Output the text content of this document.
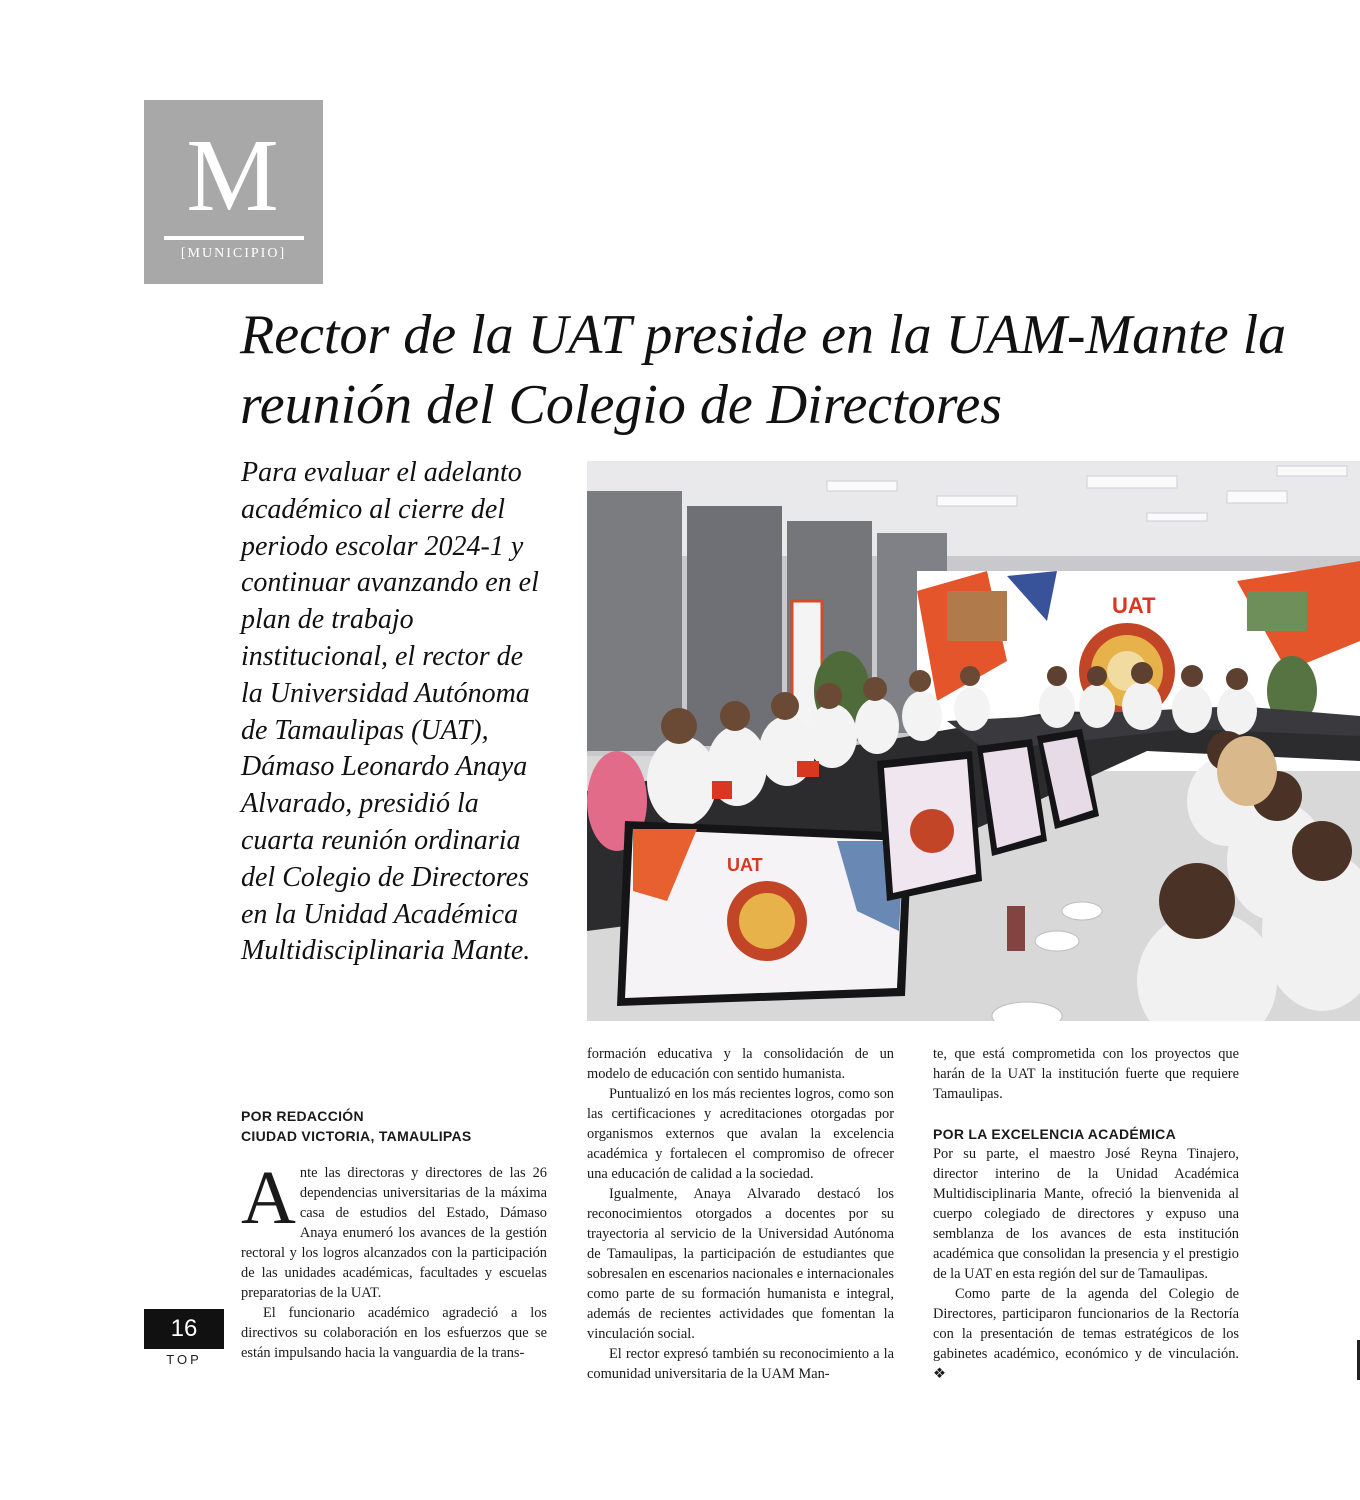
M
[MUNICIPIO]
Rector de la UAT preside en la UAM-Mante la reunión del Colegio de Directores

Para evaluar el adelanto académico al cierre del periodo escolar 2024-1 y continuar avanzando en el plan de trabajo institucional, el rector de la Universidad Autónoma de Tamaulipas (UAT), Dámaso Leonardo Anaya Alvarado, presidió la cuarta reunión ordinaria del Colegio de Directores en la Unidad Académica Multidisciplinaria Mante.

UAT
UAT
POR REDACCIÓN
CIUDAD VICTORIA, TAMAULIPAS

Ante las directoras y directores de las 26 dependencias universitarias de la máxima casa de estudios del Estado, Dámaso Anaya enumeró los avances de la gestión rectoral y los logros alcanzados con la participación de las unidades académicas, facultades y escuelas preparatorias de la UAT.

El funcionario académico agradeció a los directivos su colaboración en los esfuerzos que se están impulsando hacia la vanguardia de la trans-

formación educativa y la consolidación de un modelo de educación con sentido humanista.

Puntualizó en los más recientes logros, como son las certificaciones y acreditaciones otorgadas por organismos externos que avalan la excelencia académica y fortalecen el compromiso de ofrecer una educación de calidad a la sociedad.

Igualmente, Anaya Alvarado destacó los reconocimientos otorgados a docentes por su trayectoria al servicio de la Universidad Autónoma de Tamaulipas, la participación de estudiantes que sobresalen en escenarios nacionales e internacionales como parte de su formación humanista e integral, además de recientes actividades que fomentan la vinculación social.

El rector expresó también su reconocimiento a la comunidad universitaria de la UAM Man-

te, que está comprometida con los proyectos que harán de la UAT la institución fuerte que requiere Tamaulipas.

POR LA EXCELENCIA ACADÉMICA

Por su parte, el maestro José Reyna Tinajero, director interino de la Unidad Académica Multidisciplinaria Mante, ofreció la bienvenida al cuerpo colegiado de directores y expuso una semblanza de los avances de esta institución académica que consolidan la presencia y el prestigio de la UAT en esta región del sur de Tamaulipas.

Como parte de la agenda del Colegio de Directores, participaron funcionarios de la Rectoría con la presentación de temas estratégicos de los gabinetes académico, económico y de vinculación. ❖

16
TOP
